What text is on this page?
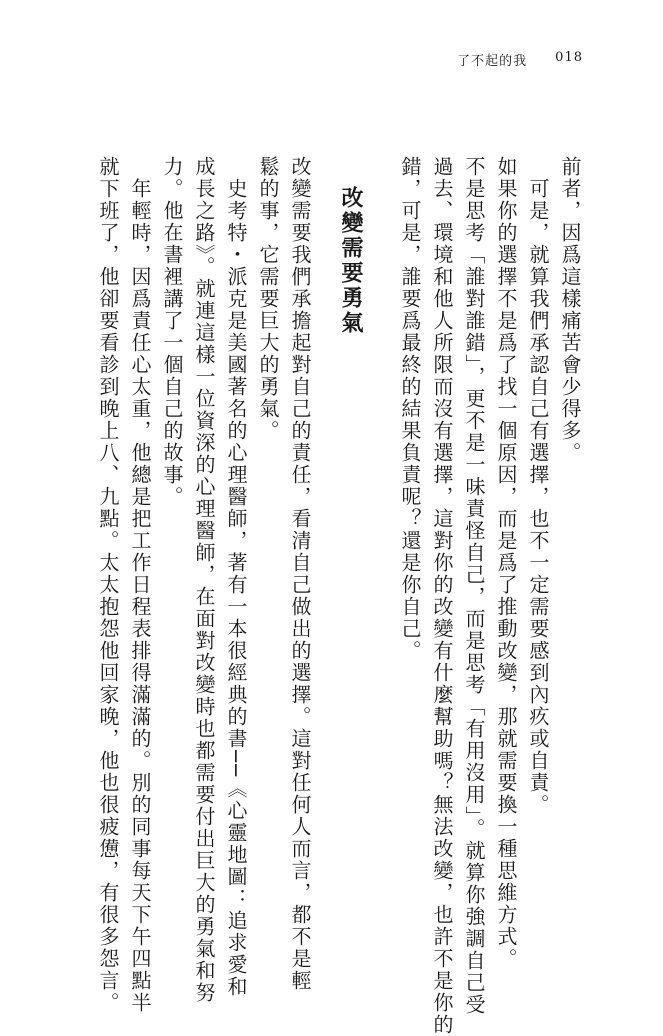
了不起的我 018
前者，因爲這樣痛苦會少得多。
　可是，就算我們承認自己有選擇，也不一定需要感到內疚或自責。
如果你的選擇不是爲了找一個原因，而是爲了推動改變，那就需要換一種思維方式。
不是思考「誰對誰錯」，更不是一味責怪自己，而是思考「有用沒用」。就算你強調自己受
過去、環境和他人所限而沒有選擇，這對你的改變有什麼幫助嗎？無法改變，也許不是你的
錯，可是，誰要爲最終的結果負責呢？還是你自己。
改變需要勇氣
改變需要我們承擔起對自己的責任，看清自己做出的選擇。這對任何人而言，都不是輕
鬆的事，它需要巨大的勇氣。
　史考特・派克是美國著名的心理醫師，著有一本很經典的書──《心靈地圖：追求愛和
成長之路》。就連這樣一位資深的心理醫師，在面對改變時也都需要付出巨大的勇氣和努
力。他在書裡講了一個自己的故事。
　年輕時，因爲責任心太重，他總是把工作日程表排得滿滿的。別的同事每天下午四點半
就下班了，他卻要看診到晚上八、九點。太太抱怨他回家晚，他也很疲憊，有很多怨言。
